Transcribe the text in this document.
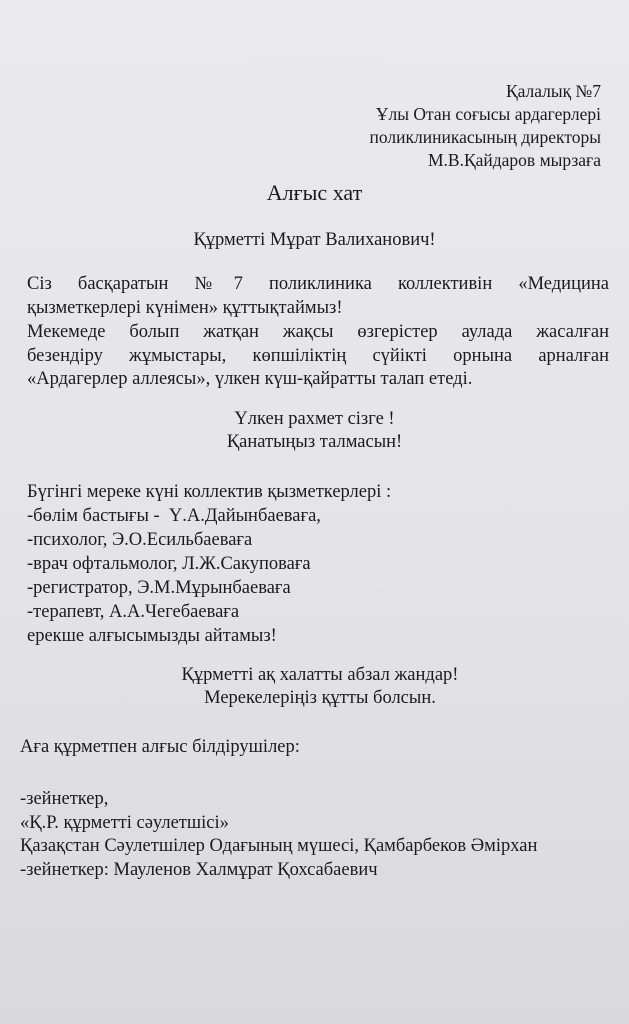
Қалалық №7
Ұлы Отан соғысы ардагерлері
поликлиникасының директоры
М.В.Қайдаров мырзаға
Алғыс хат
Құрметті Мұрат Валиханович!
Сіз басқаратын №7 поликлиника коллективін «Медицина
қызметкерлері күнімен» құттықтаймыз!
Мекемеде болып жатқан жақсы өзгерістер аулада жасалған
безендіру жұмыстары, көпшіліктің сүйікті орнына арналған
«Ардагерлер аллеясы», үлкен күш-қайратты талап етеді.
Үлкен рахмет сізге !
Қанатыңыз талмасын!
Бүгінгі мереке күні коллектив қызметкерлері :
-бөлім бастығы -  Ү.А.Дайынбаеваға,
-психолог, Э.О.Есильбаеваға
-врач офтальмолог, Л.Ж.Сакуповаға
-регистратор, Э.М.Мұрынбаеваға
-терапевт, А.А.Чегебаеваға
ерекше алғысымызды айтамыз!
Құрметті ақ халатты абзал жандар!
Мерекелеріңіз құтты болсын.
Аға құрметпен алғыс білдірушілер:
-зейнеткер,
«Қ.Р. құрметті сәулетшісі»
Қазақстан Сәулетшілер Одағының мүшесі, Қамбарбеков Әмірхан
-зейнеткер: Мауленов Халмұрат Қохсабаевич
